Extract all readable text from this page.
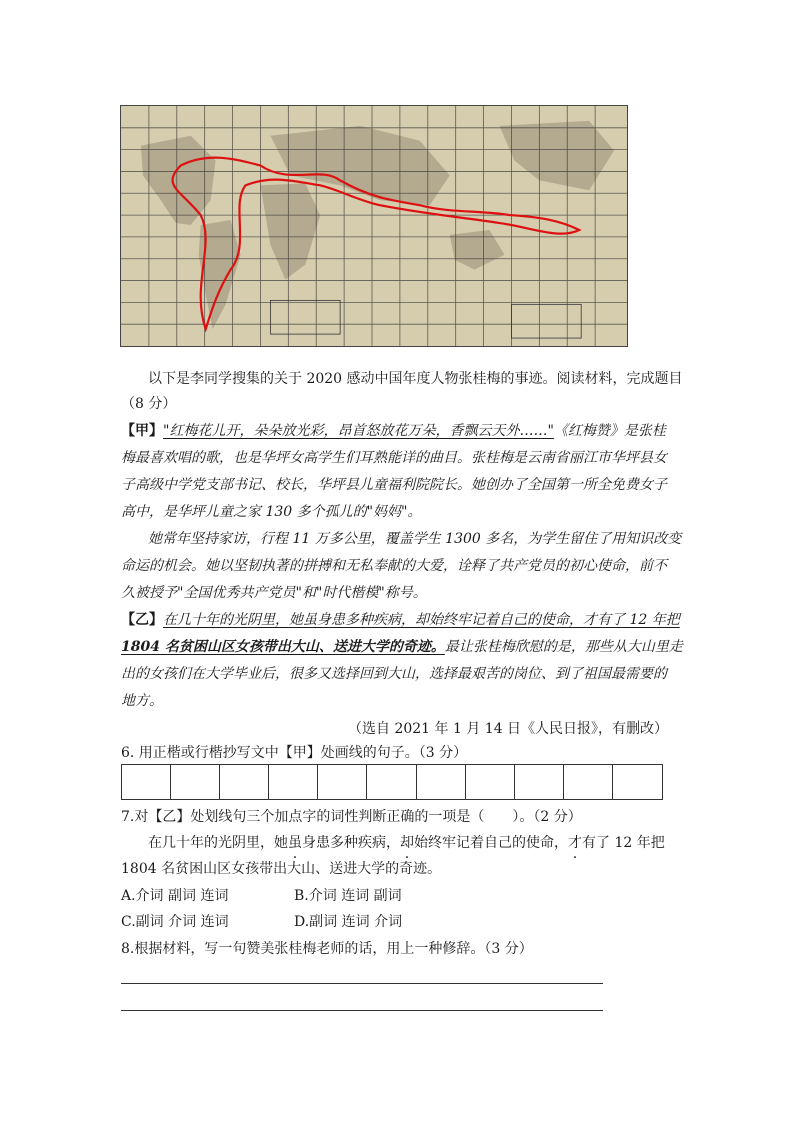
以下是李同学搜集的关于 2020 感动中国年度人物张桂梅的事迹。阅读材料，完成题目
（8 分）
【甲】"红梅花儿开，朵朵放光彩，昂首怒放花万朵，香飘云天外……"《红梅赞》是张桂
梅最喜欢唱的歌，也是华坪女高学生们耳熟能详的曲目。张桂梅是云南省丽江市华坪县女
子高级中学党支部书记、校长，华坪县儿童福利院院长。她创办了全国第一所全免费女子
高中，是华坪儿童之家 130 多个孤儿的"妈妈"。
她常年坚持家访，行程 11 万多公里，覆盖学生 1300 多名，为学生留住了用知识改变
命运的机会。她以坚韧执著的拼搏和无私奉献的大爱，诠释了共产党员的初心使命，前不
久被授予"全国优秀共产党员"和"时代楷模"称号。
【乙】在几十年的光阴里，她虽身患多种疾病，却始终牢记着自己的使命，才有了 12 年把
1804 名贫困山区女孩带出大山、送进大学的奇迹。最让张桂梅欣慰的是，那些从大山里走
出的女孩们在大学毕业后，很多又选择回到大山，选择最艰苦的岗位、到了祖国最需要的
地方。
（选自 2021 年 1 月 14 日《人民日报》，有删改）
6. 用正楷或行楷抄写文中【甲】处画线的句子。（3 分）
7.对【乙】处划线句三个加点字的词性判断正确的一项是（　　）。（2 分）
在几十年的光阴里，她虽身患多种疾病，却始终牢记着自己的使命，才有了 12 年把
1804 名贫困山区女孩带出大山、送进大学的奇迹。
A.介词 副词 连词	B.介词 连词 副词
C.副词 介词 连词	D.副词 连词 介词
8.根据材料，写一句赞美张桂梅老师的话，用上一种修辞。（3 分）
